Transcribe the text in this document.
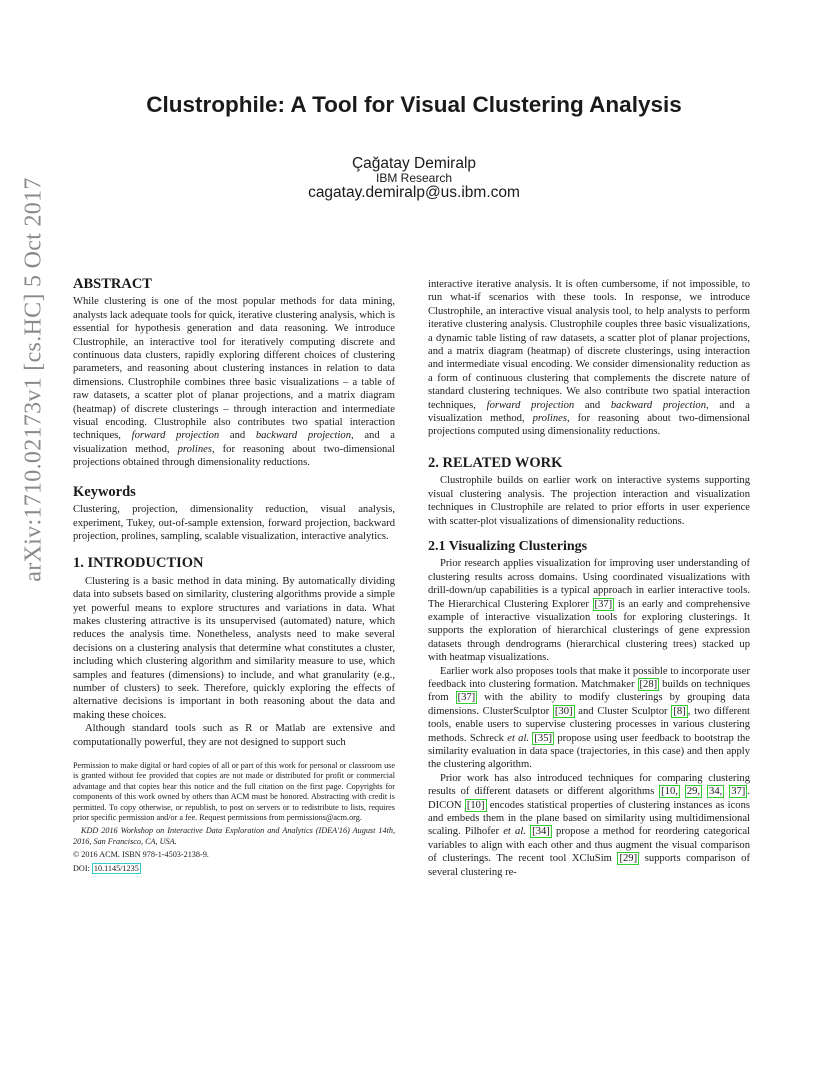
arXiv:1710.02173v1 [cs.HC] 5 Oct 2017
Clustrophile: A Tool for Visual Clustering Analysis
Çağatay Demiralp
IBM Research
cagatay.demiralp@us.ibm.com
ABSTRACT

While clustering is one of the most popular methods for data mining, analysts lack adequate tools for quick, iterative clustering analysis, which is essential for hypothesis generation and data reasoning. We introduce Clustrophile, an interactive tool for iteratively computing discrete and continuous data clusters, rapidly exploring different choices of clustering parameters, and reasoning about clustering instances in relation to data dimensions. Clustrophile combines three basic visualizations – a table of raw datasets, a scatter plot of planar projections, and a matrix diagram (heatmap) of discrete clusterings – through interaction and intermediate visual encoding. Clustrophile also contributes two spatial interaction techniques, forward projection and backward projection, and a visualization method, prolines, for reasoning about two-dimensional projections obtained through dimensionality reductions.

Keywords

Clustering, projection, dimensionality reduction, visual analysis, experiment, Tukey, out-of-sample extension, forward projection, backward projection, prolines, sampling, scalable visualization, interactive analytics.

1. INTRODUCTION

Clustering is a basic method in data mining. By automatically dividing data into subsets based on similarity, clustering algorithms provide a simple yet powerful means to explore structures and variations in data. What makes clustering attractive is its unsupervised (automated) nature, which reduces the analysis time. Nonetheless, analysts need to make several decisions on a clustering analysis that determine what constitutes a cluster, including which clustering algorithm and similarity measure to use, which samples and features (dimensions) to include, and what granularity (e.g., number of clusters) to seek. Therefore, quickly exploring the effects of alternative decisions is important in both reasoning about the data and making these choices.

Although standard tools such as R or Matlab are extensive and computationally powerful, they are not designed to support such

Permission to make digital or hard copies of all or part of this work for personal or classroom use is granted without fee provided that copies are not made or distributed for profit or commercial advantage and that copies bear this notice and the full citation on the first page. Copyrights for components of this work owned by others than ACM must be honored. Abstracting with credit is permitted. To copy otherwise, or republish, to post on servers or to redistribute to lists, requires prior specific permission and/or a fee. Request permissions from permissions@acm.org.

KDD 2016 Workshop on Interactive Data Exploration and Analytics (IDEA'16) August 14th, 2016, San Francisco, CA, USA.

© 2016 ACM. ISBN 978-1-4503-2138-9.

DOI: 10.1145/1235

interactive iterative analysis. It is often cumbersome, if not impossible, to run what-if scenarios with these tools. In response, we introduce Clustrophile, an interactive visual analysis tool, to help analysts to perform iterative clustering analysis. Clustrophile couples three basic visualizations, a dynamic table listing of raw datasets, a scatter plot of planar projections, and a matrix diagram (heatmap) of discrete clusterings, using interaction and intermediate visual encoding. We consider dimensionality reduction as a form of continuous clustering that complements the discrete nature of standard clustering techniques. We also contribute two spatial interaction techniques, forward projection and backward projection, and a visualization method, prolines, for reasoning about two-dimensional projections computed using dimensionality reductions.

2. RELATED WORK

Clustrophile builds on earlier work on interactive systems supporting visual clustering analysis. The projection interaction and visualization techniques in Clustrophile are related to prior efforts in user experience with scatter-plot visualizations of dimensionality reductions.

2.1 Visualizing Clusterings

Prior research applies visualization for improving user understanding of clustering results across domains. Using coordinated visualizations with drill-down/up capabilities is a typical approach in earlier interactive tools. The Hierarchical Clustering Explorer [37] is an early and comprehensive example of interactive visualization tools for exploring clusterings. It supports the exploration of hierarchical clusterings of gene expression datasets through dendrograms (hierarchical clustering trees) stacked up with heatmap visualizations.

Earlier work also proposes tools that make it possible to incorporate user feedback into clustering formation. Matchmaker [28] builds on techniques from [37] with the ability to modify clusterings by grouping data dimensions. ClusterSculptor [30] and Cluster Sculptor [8] , two different tools, enable users to supervise clustering processes in various clustering methods. Schreck et al. [35] propose using user feedback to bootstrap the similarity evaluation in data space (trajectories, in this case) and then apply the clustering algorithm.

Prior work has also introduced techniques for comparing clustering results of different datasets or different algorithms [10, 29, 34, 37] . DICON [10] encodes statistical properties of clustering instances as icons and embeds them in the plane based on similarity using multidimensional scaling. Pilhofer et al. [34] propose a method for reordering categorical variables to align with each other and thus augment the visual comparison of clusterings. The recent tool XCluSim [29] supports comparison of several clustering re-
